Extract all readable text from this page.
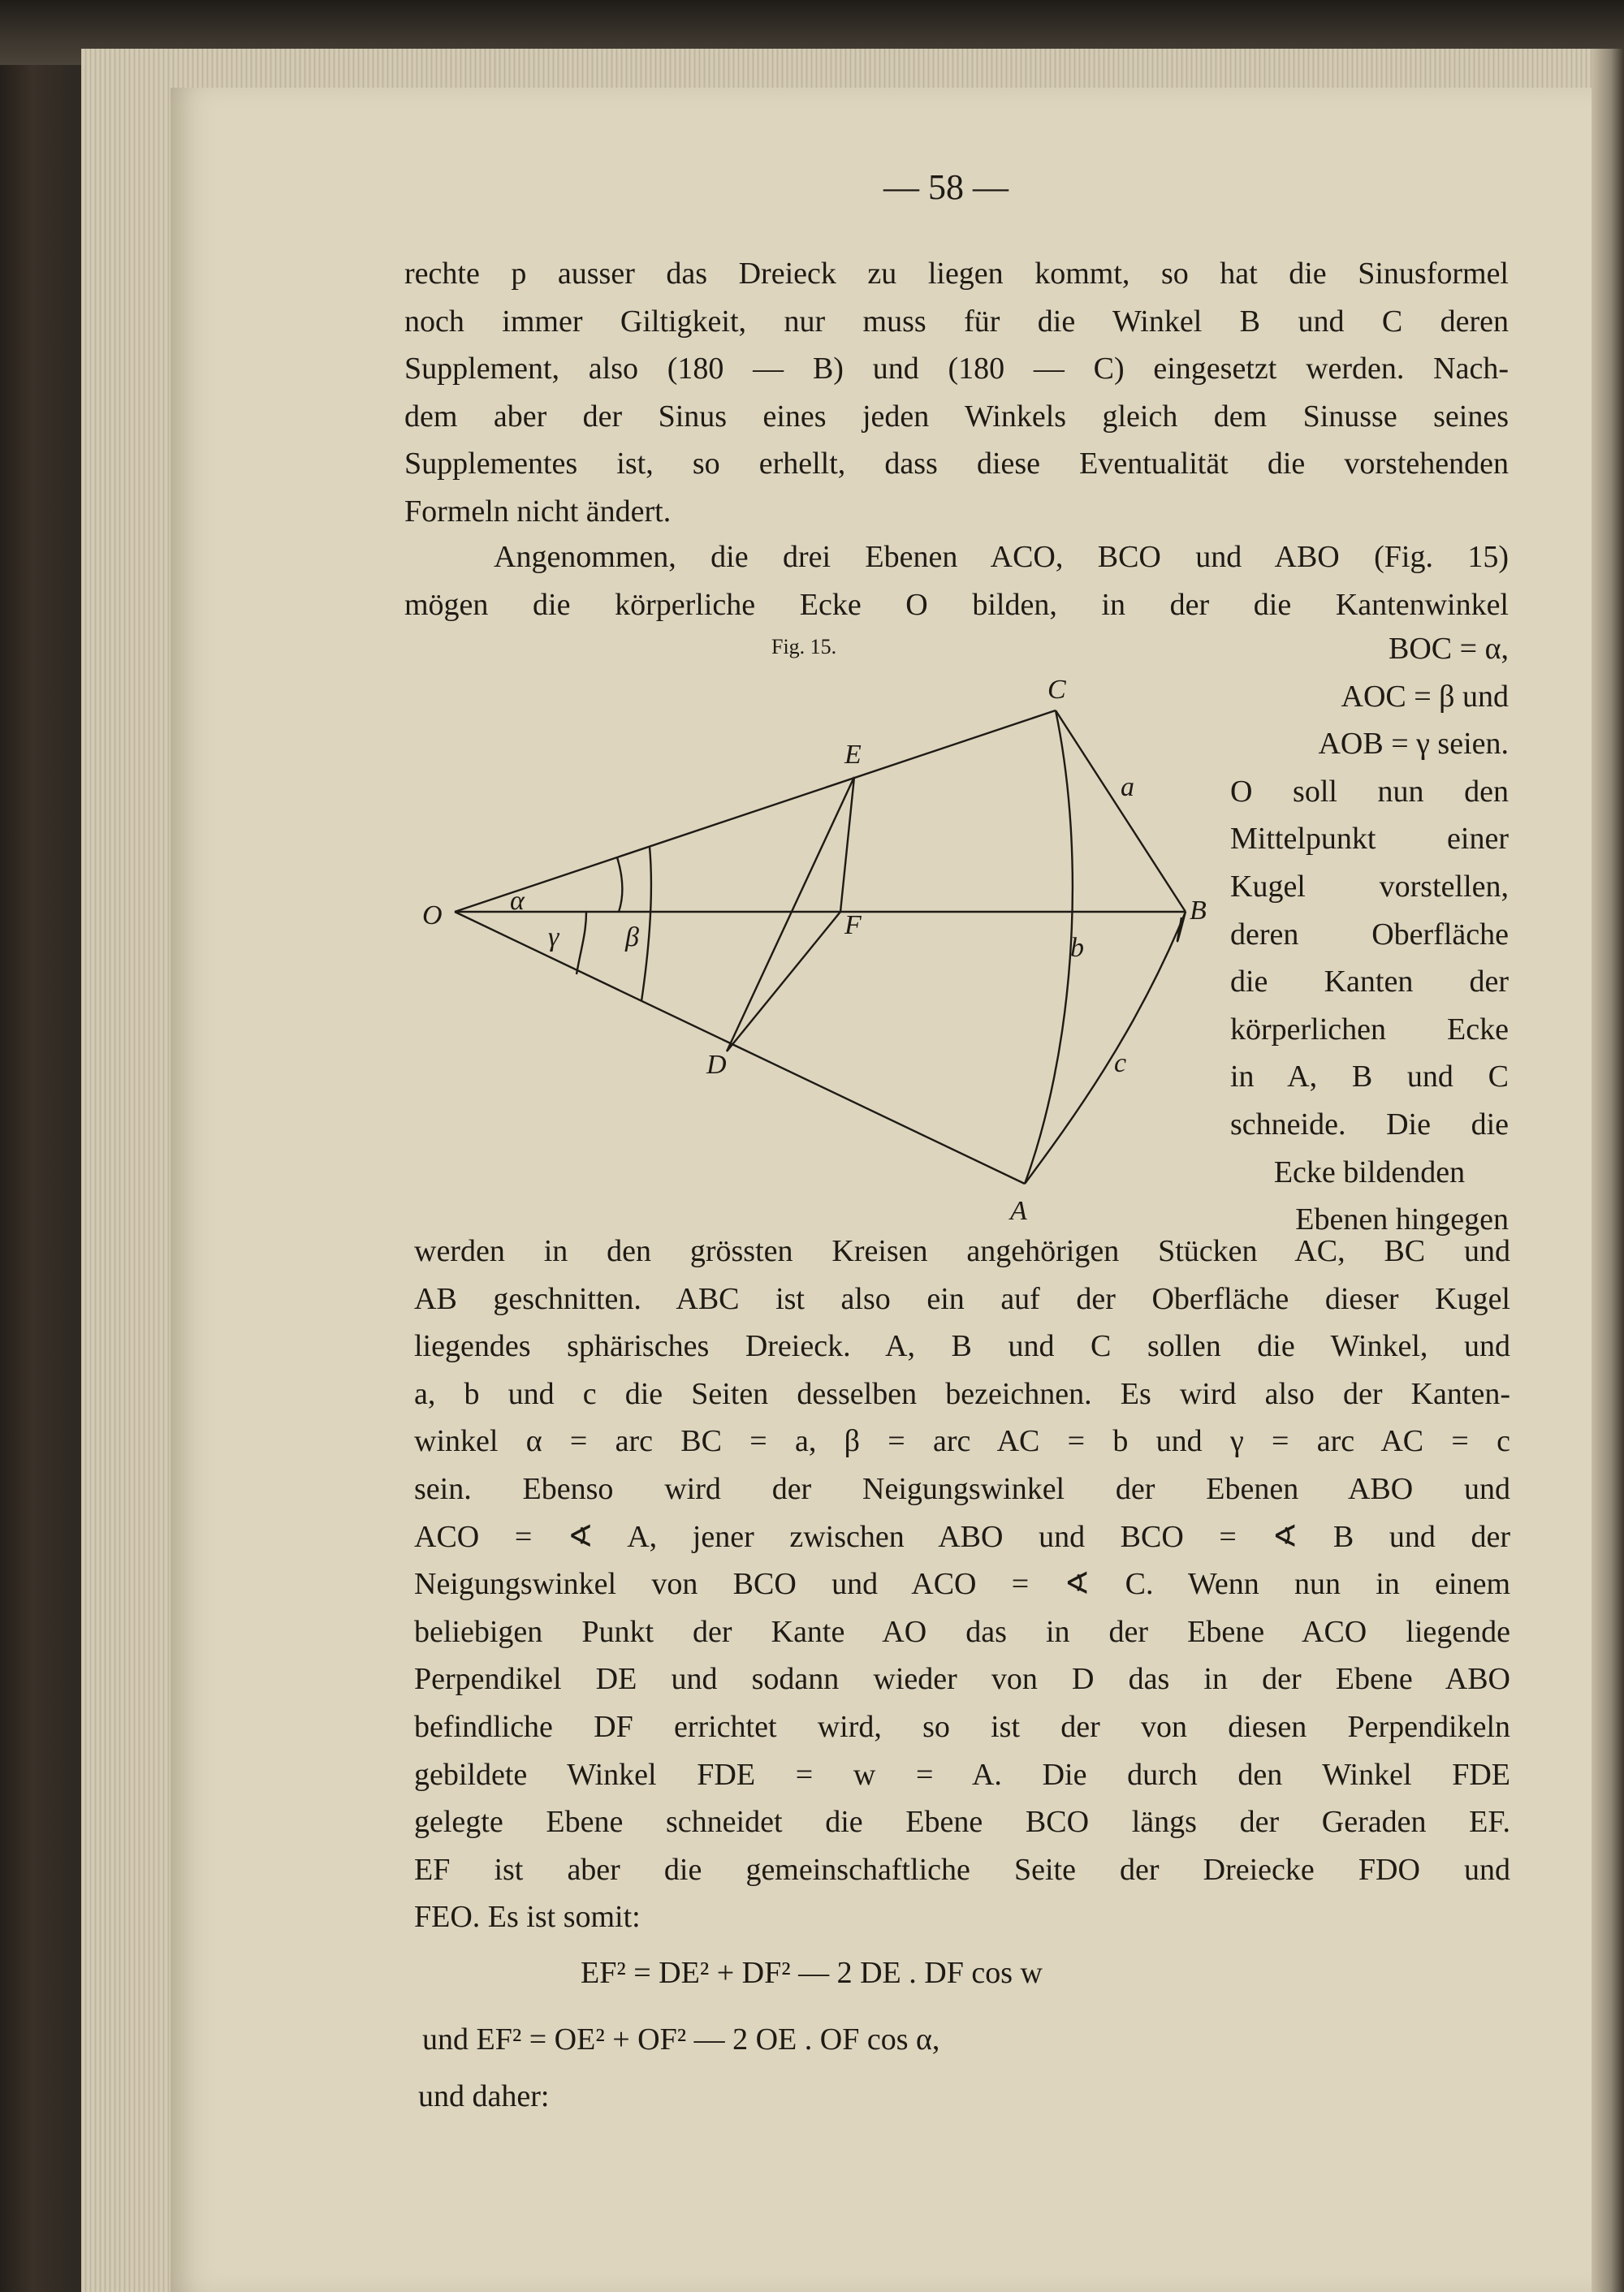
— 58 —
rechte p ausser das Dreieck zu liegen kommt, so hat die Sinusformel
noch immer Giltigkeit, nur muss für die Winkel B und C deren
Supplement, also (180 — B) und (180 — C) eingesetzt werden. Nach-
dem aber der Sinus eines jeden Winkels gleich dem Sinusse seines
Supplementes ist, so erhellt, dass diese Eventualität die vorstehenden
Formeln nicht ändert.
Angenommen, die drei Ebenen ACO, BCO und ABO (Fig. 15)
mögen die körperliche Ecke O bilden, in der die Kantenwinkel
Fig. 15.
O
C
B
A
E
D
F
a
b
c
α
γ β
BOC = α,
AOC = β und
AOB = γ seien.
O soll nun den
Mittelpunkt einer
Kugel vorstellen,
deren Oberfläche
die Kanten der
körperlichen Ecke
in A, B und C
schneide. Die die
Ecke bildenden
Ebenen hingegen
werden in den grössten Kreisen angehörigen Stücken AC, BC und
AB geschnitten. ABC ist also ein auf der Oberfläche dieser Kugel
liegendes sphärisches Dreieck. A, B und C sollen die Winkel, und
a, b und c die Seiten desselben bezeichnen. Es wird also der Kanten-
winkel α = arc BC = a, β = arc AC = b und γ = arc AC = c
sein. Ebenso wird der Neigungswinkel der Ebenen ABO und
ACO = ∢ A, jener zwischen ABO und BCO = ∢ B und der
Neigungswinkel von BCO und ACO = ∢ C. Wenn nun in einem
beliebigen Punkt der Kante AO das in der Ebene ACO liegende
Perpendikel DE und sodann wieder von D das in der Ebene ABO
befindliche DF errichtet wird, so ist der von diesen Perpendikeln
gebildete Winkel FDE = w = A. Die durch den Winkel FDE
gelegte Ebene schneidet die Ebene BCO längs der Geraden EF.
EF ist aber die gemeinschaftliche Seite der Dreiecke FDO und
FEO. Es ist somit:
EF² = DE² + DF² — 2 DE . DF cos w
und EF² = OE² + OF² — 2 OE . OF cos α,
und daher:
